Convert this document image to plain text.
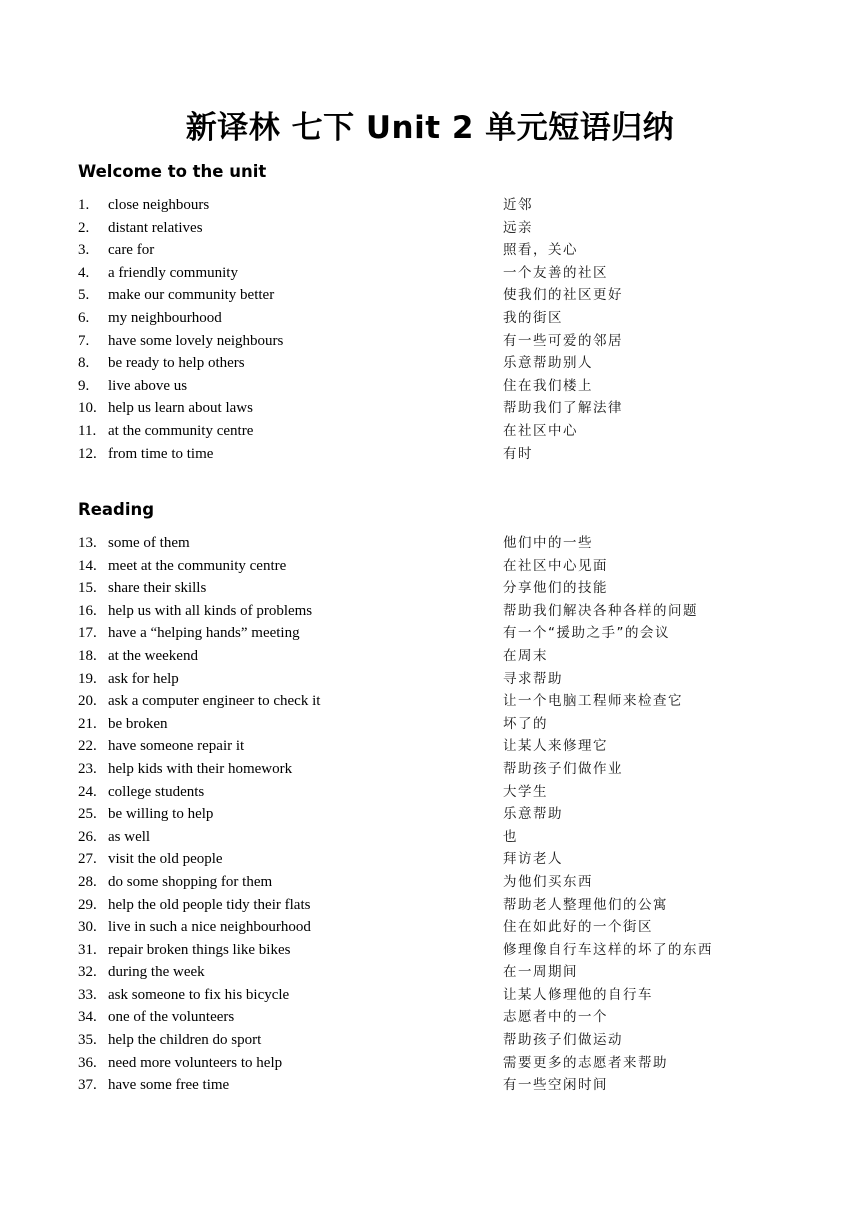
新译林 七下 Unit 2 单元短语归纳
Welcome to the unit
1. close neighbours	近邻
2. distant relatives	远亲
3. care for	照看，关心
4. a friendly community	一个友善的社区
5. make our community better	使我们的社区更好
6. my neighbourhood	我的街区
7. have some lovely neighbours	有一些可爱的邻居
8. be ready to help others	乐意帮助别人
9. live above us	住在我们楼上
10. help us learn about laws	帮助我们了解法律
11. at the community centre	在社区中心
12. from time to time	有时
Reading
13. some of them	他们中的一些
14. meet at the community centre	在社区中心见面
15. share their skills	分享他们的技能
16. help us with all kinds of problems	帮助我们解决各种各样的问题
17. have a “helping hands” meeting	有一个“援助之手”的会议
18. at the weekend	在周末
19. ask for help	寻求帮助
20. ask a computer engineer to check it	让一个电脑工程师来检查它
21. be broken	坏了的
22. have someone repair it	让某人来修理它
23. help kids with their homework	帮助孩子们做作业
24. college students	大学生
25. be willing to help	乐意帮助
26. as well	也
27. visit the old people	拜访老人
28. do some shopping for them	为他们买东西
29. help the old people tidy their flats	帮助老人整理他们的公寓
30. live in such a nice neighbourhood	住在如此好的一个街区
31. repair broken things like bikes	修理像自行车这样的坏了的东西
32. during the week	在一周期间
33. ask someone to fix his bicycle	让某人修理他的自行车
34. one of the volunteers	志愿者中的一个
35. help the children do sport	帮助孩子们做运动
36. need more volunteers to help	需要更多的志愿者来帮助
37. have some free time	有一些空闲时间
